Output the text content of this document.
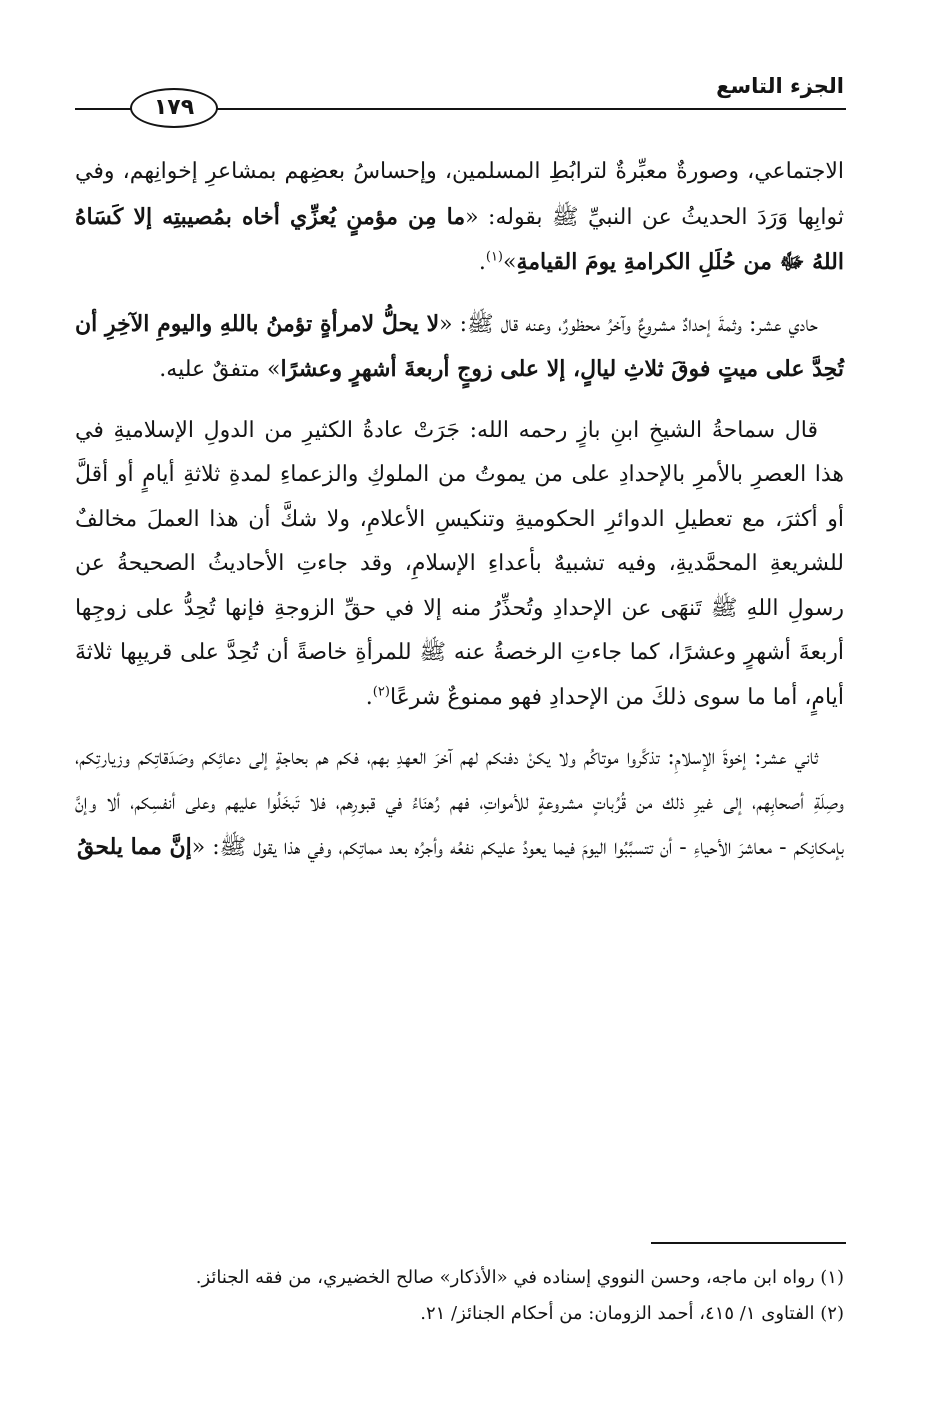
الجزء التاسع
١٧٩

الاجتماعي، وصورةٌ معبِّرةٌ لترابُطِ المسلمين، وإحساسُ بعضِهم بمشاعرِ إخوانِهم، وفي ثوابِها وَرَدَ الحديثُ عن النبيِّ ﷺ بقوله: «ما مِن مؤمنٍ يُعزِّي أخاه بمُصيبتِه إلا كَسَاهُ اللهُ ﷻ من حُلَلِ الكرامةِ يومَ القيامةِ»$^{(١)}$.

حادي عشر: وثمةَ إحدادٌ مشروعٌ وآخرُ محظورٌ، وعنه قال ﷺ: «لا يحلُّ لامرأةٍ تؤمنُ باللهِ واليومِ الآخِرِ أن تُحِدَّ على ميتٍ فوقَ ثلاثِ ليالٍ، إلا على زوجٍ أربعةَ أشهرٍ وعشرًا» متفقٌ عليه.

قال سماحةُ الشيخِ ابنِ بازٍ رحمه الله: جَرَتْ عادةُ الكثيرِ من الدولِ الإسلاميةِ في هذا العصرِ بالأمرِ بالإحدادِ على من يموتُ من الملوكِ والزعماءِ لمدةِ ثلاثةِ أيامٍ أو أقلَّ أو أكثرَ، مع تعطيلِ الدوائرِ الحكوميةِ وتنكيسِ الأعلامِ، ولا شكَّ أن هذا العملَ مخالفٌ للشريعةِ المحمَّديةِ، وفيه تشبيهٌ بأعداءِ الإسلامِ، وقد جاءتِ الأحاديثُ الصحيحةُ عن رسولِ اللهِ ﷺ تَنهَى عن الإحدادِ وتُحذِّرُ منه إلا في حقِّ الزوجةِ فإنها تُحِدُّ على زوجِها أربعةَ أشهرٍ وعشرًا، كما جاءتِ الرخصةُ عنه ﷺ للمرأةِ خاصةً أن تُحِدَّ على قريبِها ثلاثةَ أيامٍ، أما ما سوى ذلكَ من الإحدادِ فهو ممنوعٌ شرعًا$^{(٢)}$.

ثاني عشر: إخوةَ الإسلامِ: تذكَّروا موتاكُم ولا يكنْ دفنكم لهم آخرَ العهدِ بهم، فكم هم بحاجةٍ إلى دعائِكم وصَدَقاتِكم وزيارتِكم، وصِلَةِ أصحابِهم، إلى غيرِ ذلك من قُرُباتٍ مشروعةٍ للأمواتِ، فهم رُهنَاءُ في قبورِهم، فلا تَبخَلُوا عليهم وعلى أنفسِكم، ألا وإنَّ بإمكانِكم - معاشرَ الأحياءِ - أن تتسبَّبُوا اليومَ فيما يعودُ عليكم نفعُه وأجرُه بعد مماتِكم، وفي هذا يقول ﷺ: «إنَّ مما يلحقُ

(١) رواه ابن ماجه، وحسن النووي إسناده في «الأذكار» صالح الخضيري، من فقه الجنائز.
(٢) الفتاوى ١/ ٤١٥، أحمد الزومان: من أحكام الجنائز/ ٢١.
